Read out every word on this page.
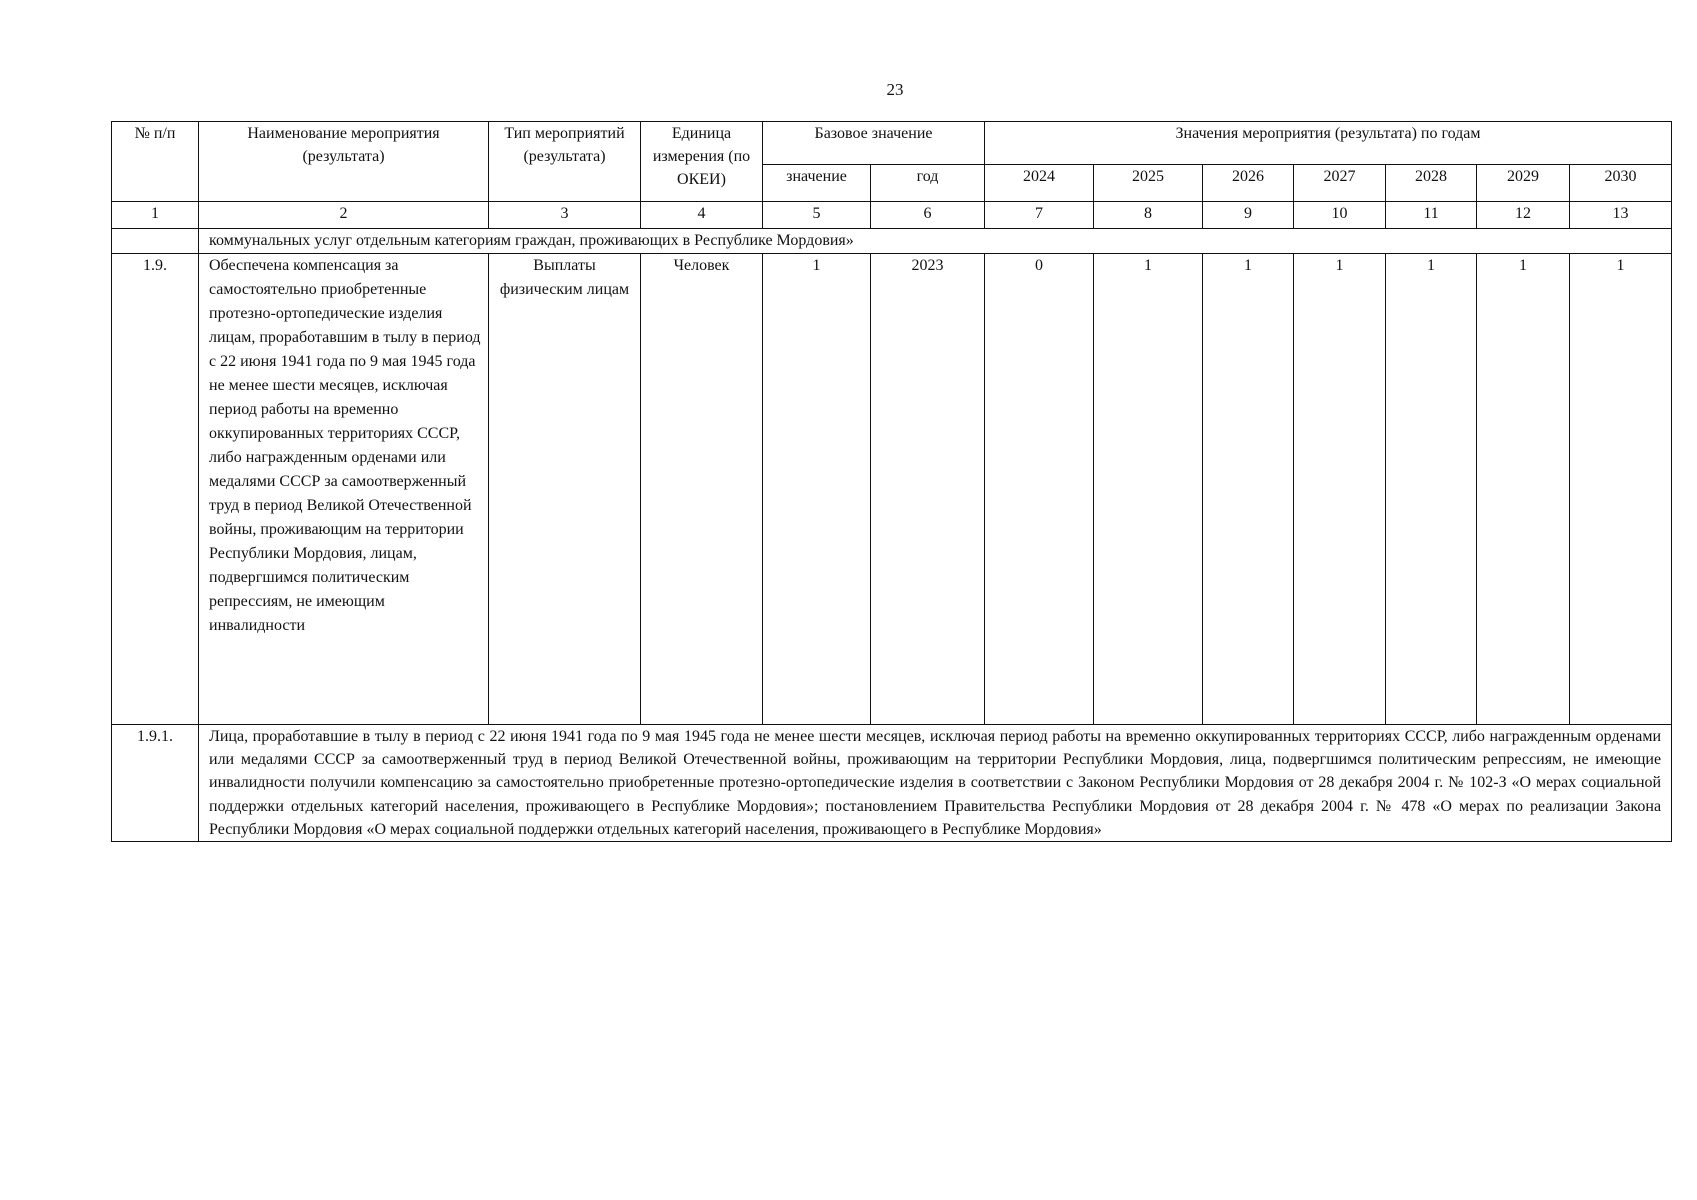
23
№ п/п	Наименование мероприятия (результата)	Тип мероприятий (результата)	Единица измерения (по ОКЕИ)	Базовое значение		Значения мероприятия (результата) по годам						
				значение	год	2024	2025	2026	2027	2028	2029	2030
1	2	3	4	5	6	7	8	9	10	11	12	13
	коммунальных услуг отдельным категориям граждан, проживающих в Республике Мордовия»											
1.9.	Обеспечена компенсация за самостоятельно приобретенные протезно-ортопедические изделия лицам, проработавшим в тылу в период с 22 июня 1941 года по 9 мая 1945 года не менее шести месяцев, исключая период работы на временно оккупированных территориях СССР, либо награжденным орденами или медалями СССР за самоотверженный труд в период Великой Отечественной войны, проживающим на территории Республики Мордовия, лицам, подвергшимся политическим репрессиям, не имеющим инвалидности	Выплаты физическим лицам	Человек	1	2023	0	1	1	1	1	1	1
1.9.1.	Лица, проработавшие в тылу в период с 22 июня 1941 года по 9 мая 1945 года не менее шести месяцев, исключая период работы на временно оккупированных территориях СССР, либо награжденным орденами или медалями СССР за самоотверженный труд в период Великой Отечественной войны, проживающим на территории Республики Мордовия, лица, подвергшимся политическим репрессиям, не имеющие инвалидности получили компенсацию за самостоятельно приобретенные протезно-ортопедические изделия в соответствии с Законом Республики Мордовия от 28 декабря 2004 г. № 102-З «О мерах социальной поддержки отдельных категорий населения, проживающего в Республике Мордовия»; постановлением Правительства Республики Мордовия от 28 декабря 2004 г. № 478 «О мерах по реализации Закона Республики Мордовия «О мерах социальной поддержки отдельных категорий населения, проживающего в Республике Мордовия»											
